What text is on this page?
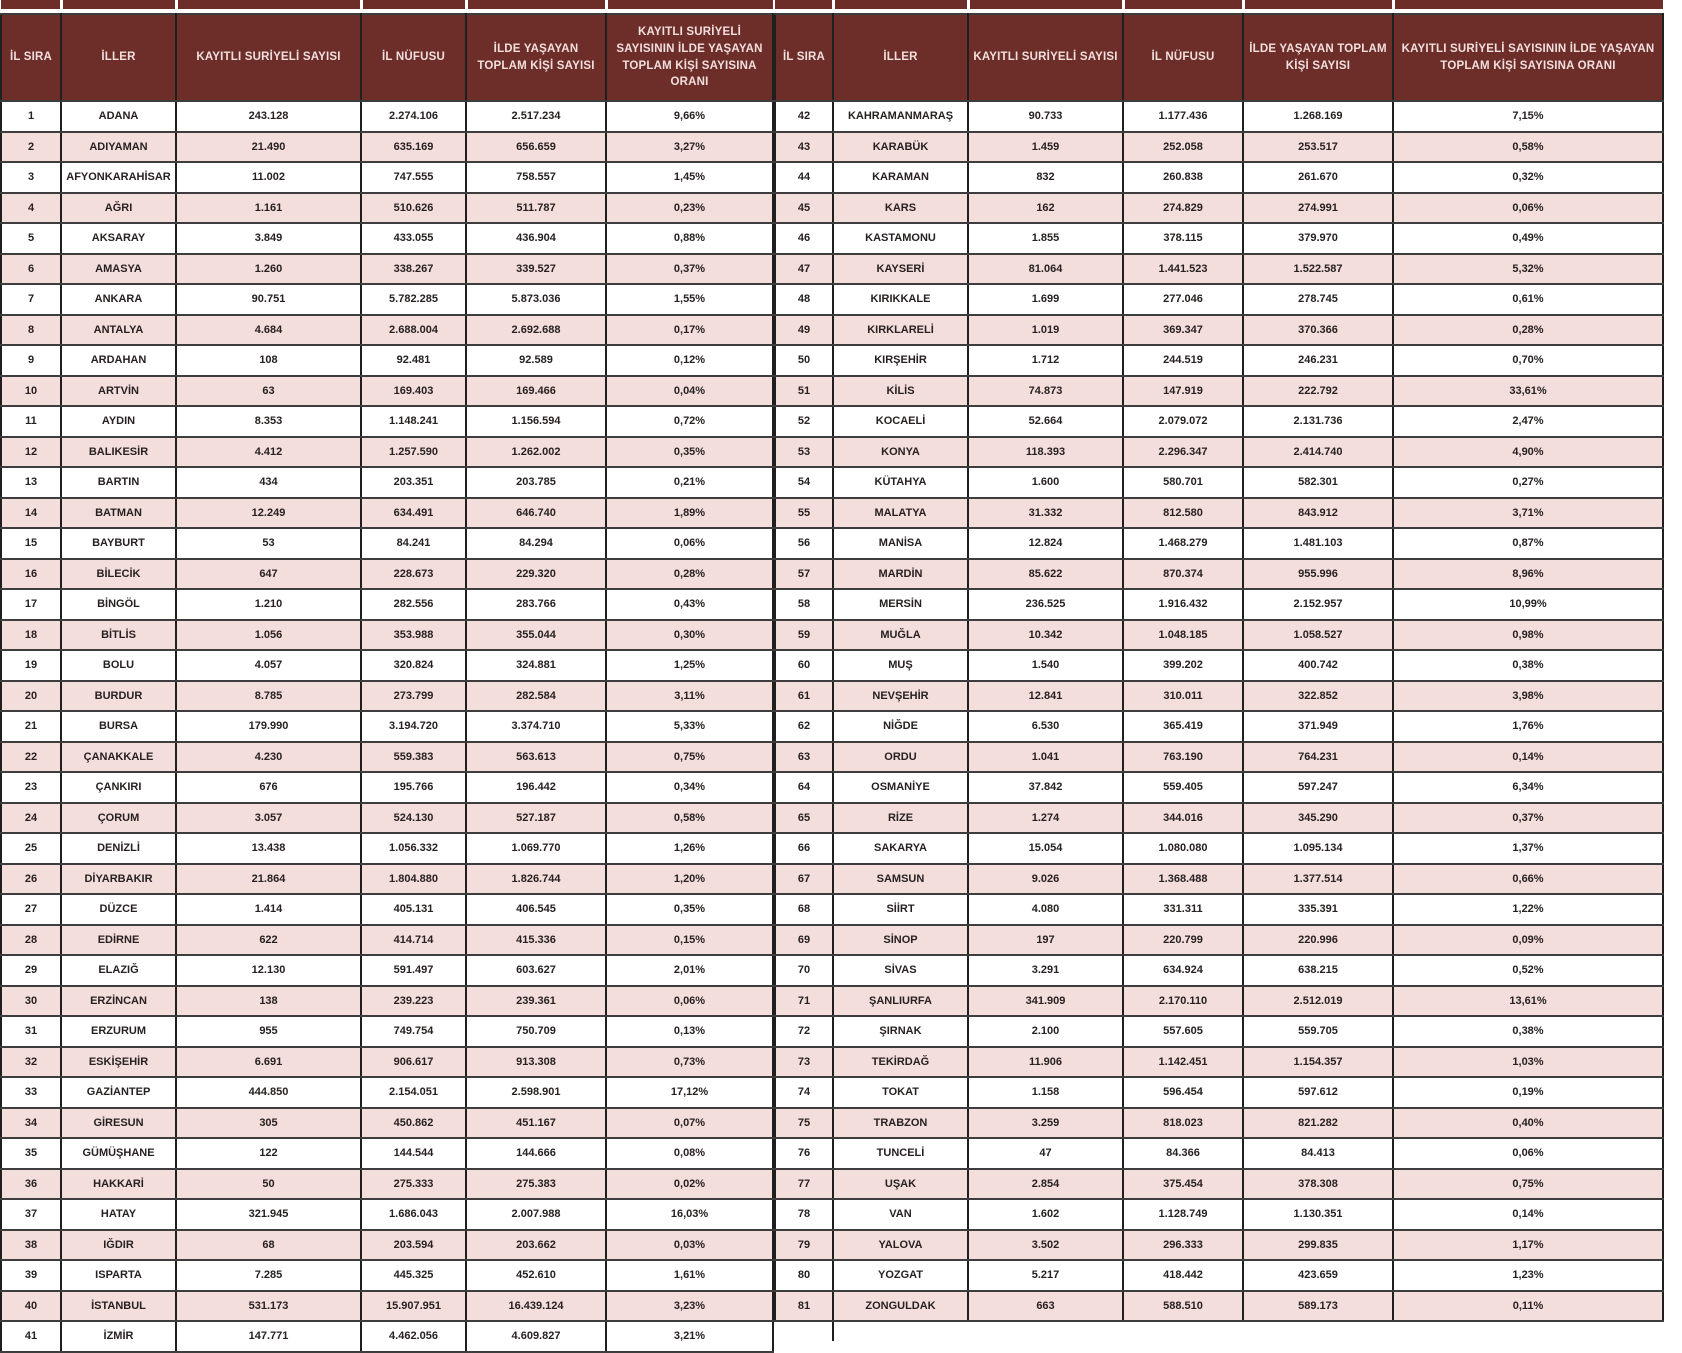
İL SIRA	İLLER	KAYITLI SURİYELİ SAYISI	İL NÜFUSU	İLDE YAŞAYAN TOPLAM KİŞİ SAYISI	KAYITLI SURİYELİ SAYISININ İLDE YAŞAYAN TOPLAM KİŞİ SAYISINA ORANI
1	ADANA	243.128	2.274.106	2.517.234	9,66%
2	ADIYAMAN	21.490	635.169	656.659	3,27%
3	AFYONKARAHİSAR	11.002	747.555	758.557	1,45%
4	AĞRI	1.161	510.626	511.787	0,23%
5	AKSARAY	3.849	433.055	436.904	0,88%
6	AMASYA	1.260	338.267	339.527	0,37%
7	ANKARA	90.751	5.782.285	5.873.036	1,55%
8	ANTALYA	4.684	2.688.004	2.692.688	0,17%
9	ARDAHAN	108	92.481	92.589	0,12%
10	ARTVİN	63	169.403	169.466	0,04%
11	AYDIN	8.353	1.148.241	1.156.594	0,72%
12	BALIKESİR	4.412	1.257.590	1.262.002	0,35%
13	BARTIN	434	203.351	203.785	0,21%
14	BATMAN	12.249	634.491	646.740	1,89%
15	BAYBURT	53	84.241	84.294	0,06%
16	BİLECİK	647	228.673	229.320	0,28%
17	BİNGÖL	1.210	282.556	283.766	0,43%
18	BİTLİS	1.056	353.988	355.044	0,30%
19	BOLU	4.057	320.824	324.881	1,25%
20	BURDUR	8.785	273.799	282.584	3,11%
21	BURSA	179.990	3.194.720	3.374.710	5,33%
22	ÇANAKKALE	4.230	559.383	563.613	0,75%
23	ÇANKIRI	676	195.766	196.442	0,34%
24	ÇORUM	3.057	524.130	527.187	0,58%
25	DENİZLİ	13.438	1.056.332	1.069.770	1,26%
26	DİYARBAKIR	21.864	1.804.880	1.826.744	1,20%
27	DÜZCE	1.414	405.131	406.545	0,35%
28	EDİRNE	622	414.714	415.336	0,15%
29	ELAZIĞ	12.130	591.497	603.627	2,01%
30	ERZİNCAN	138	239.223	239.361	0,06%
31	ERZURUM	955	749.754	750.709	0,13%
32	ESKİŞEHİR	6.691	906.617	913.308	0,73%
33	GAZİANTEP	444.850	2.154.051	2.598.901	17,12%
34	GİRESUN	305	450.862	451.167	0,07%
35	GÜMÜŞHANE	122	144.544	144.666	0,08%
36	HAKKARİ	50	275.333	275.383	0,02%
37	HATAY	321.945	1.686.043	2.007.988	16,03%
38	IĞDIR	68	203.594	203.662	0,03%
39	ISPARTA	7.285	445.325	452.610	1,61%
40	İSTANBUL	531.173	15.907.951	16.439.124	3,23%
41	İZMİR	147.771	4.462.056	4.609.827	3,21%

İL SIRA	İLLER	KAYITLI SURİYELİ SAYISI	İL NÜFUSU	İLDE YAŞAYAN TOPLAM KİŞİ SAYISI	KAYITLI SURİYELİ SAYISININ İLDE YAŞAYAN TOPLAM KİŞİ SAYISINA ORANI
42	KAHRAMANMARAŞ	90.733	1.177.436	1.268.169	7,15%
43	KARABÜK	1.459	252.058	253.517	0,58%
44	KARAMAN	832	260.838	261.670	0,32%
45	KARS	162	274.829	274.991	0,06%
46	KASTAMONU	1.855	378.115	379.970	0,49%
47	KAYSERİ	81.064	1.441.523	1.522.587	5,32%
48	KIRIKKALE	1.699	277.046	278.745	0,61%
49	KIRKLARELİ	1.019	369.347	370.366	0,28%
50	KIRŞEHİR	1.712	244.519	246.231	0,70%
51	KİLİS	74.873	147.919	222.792	33,61%
52	KOCAELİ	52.664	2.079.072	2.131.736	2,47%
53	KONYA	118.393	2.296.347	2.414.740	4,90%
54	KÜTAHYA	1.600	580.701	582.301	0,27%
55	MALATYA	31.332	812.580	843.912	3,71%
56	MANİSA	12.824	1.468.279	1.481.103	0,87%
57	MARDİN	85.622	870.374	955.996	8,96%
58	MERSİN	236.525	1.916.432	2.152.957	10,99%
59	MUĞLA	10.342	1.048.185	1.058.527	0,98%
60	MUŞ	1.540	399.202	400.742	0,38%
61	NEVŞEHİR	12.841	310.011	322.852	3,98%
62	NİĞDE	6.530	365.419	371.949	1,76%
63	ORDU	1.041	763.190	764.231	0,14%
64	OSMANİYE	37.842	559.405	597.247	6,34%
65	RİZE	1.274	344.016	345.290	0,37%
66	SAKARYA	15.054	1.080.080	1.095.134	1,37%
67	SAMSUN	9.026	1.368.488	1.377.514	0,66%
68	SİİRT	4.080	331.311	335.391	1,22%
69	SİNOP	197	220.799	220.996	0,09%
70	SİVAS	3.291	634.924	638.215	0,52%
71	ŞANLIURFA	341.909	2.170.110	2.512.019	13,61%
72	ŞIRNAK	2.100	557.605	559.705	0,38%
73	TEKİRDAĞ	11.906	1.142.451	1.154.357	1,03%
74	TOKAT	1.158	596.454	597.612	0,19%
75	TRABZON	3.259	818.023	821.282	0,40%
76	TUNCELİ	47	84.366	84.413	0,06%
77	UŞAK	2.854	375.454	378.308	0,75%
78	VAN	1.602	1.128.749	1.130.351	0,14%
79	YALOVA	3.502	296.333	299.835	1,17%
80	YOZGAT	5.217	418.442	423.659	1,23%
81	ZONGULDAK	663	588.510	589.173	0,11%
